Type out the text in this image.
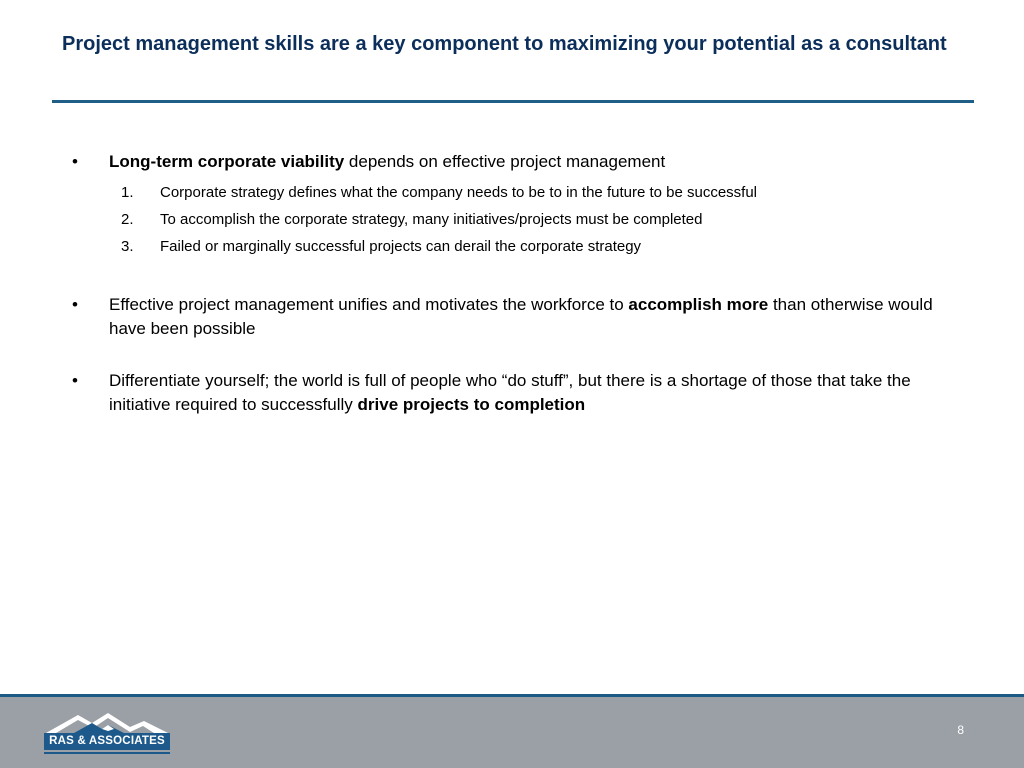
Project management skills are a key component to maximizing your potential as a consultant
• Long-term corporate viability depends on effective project management
1. Corporate strategy defines what the company needs to be to in the future to be successful
2. To accomplish the corporate strategy, many initiatives/projects must be completed
3. Failed or marginally successful projects can derail the corporate strategy
• Effective project management unifies and motivates the workforce to accomplish more than otherwise would have been possible
• Differentiate yourself; the world is full of people who “do stuff”, but there is a shortage of those that take the initiative required to successfully drive projects to completion
RAS & ASSOCIATES
8
